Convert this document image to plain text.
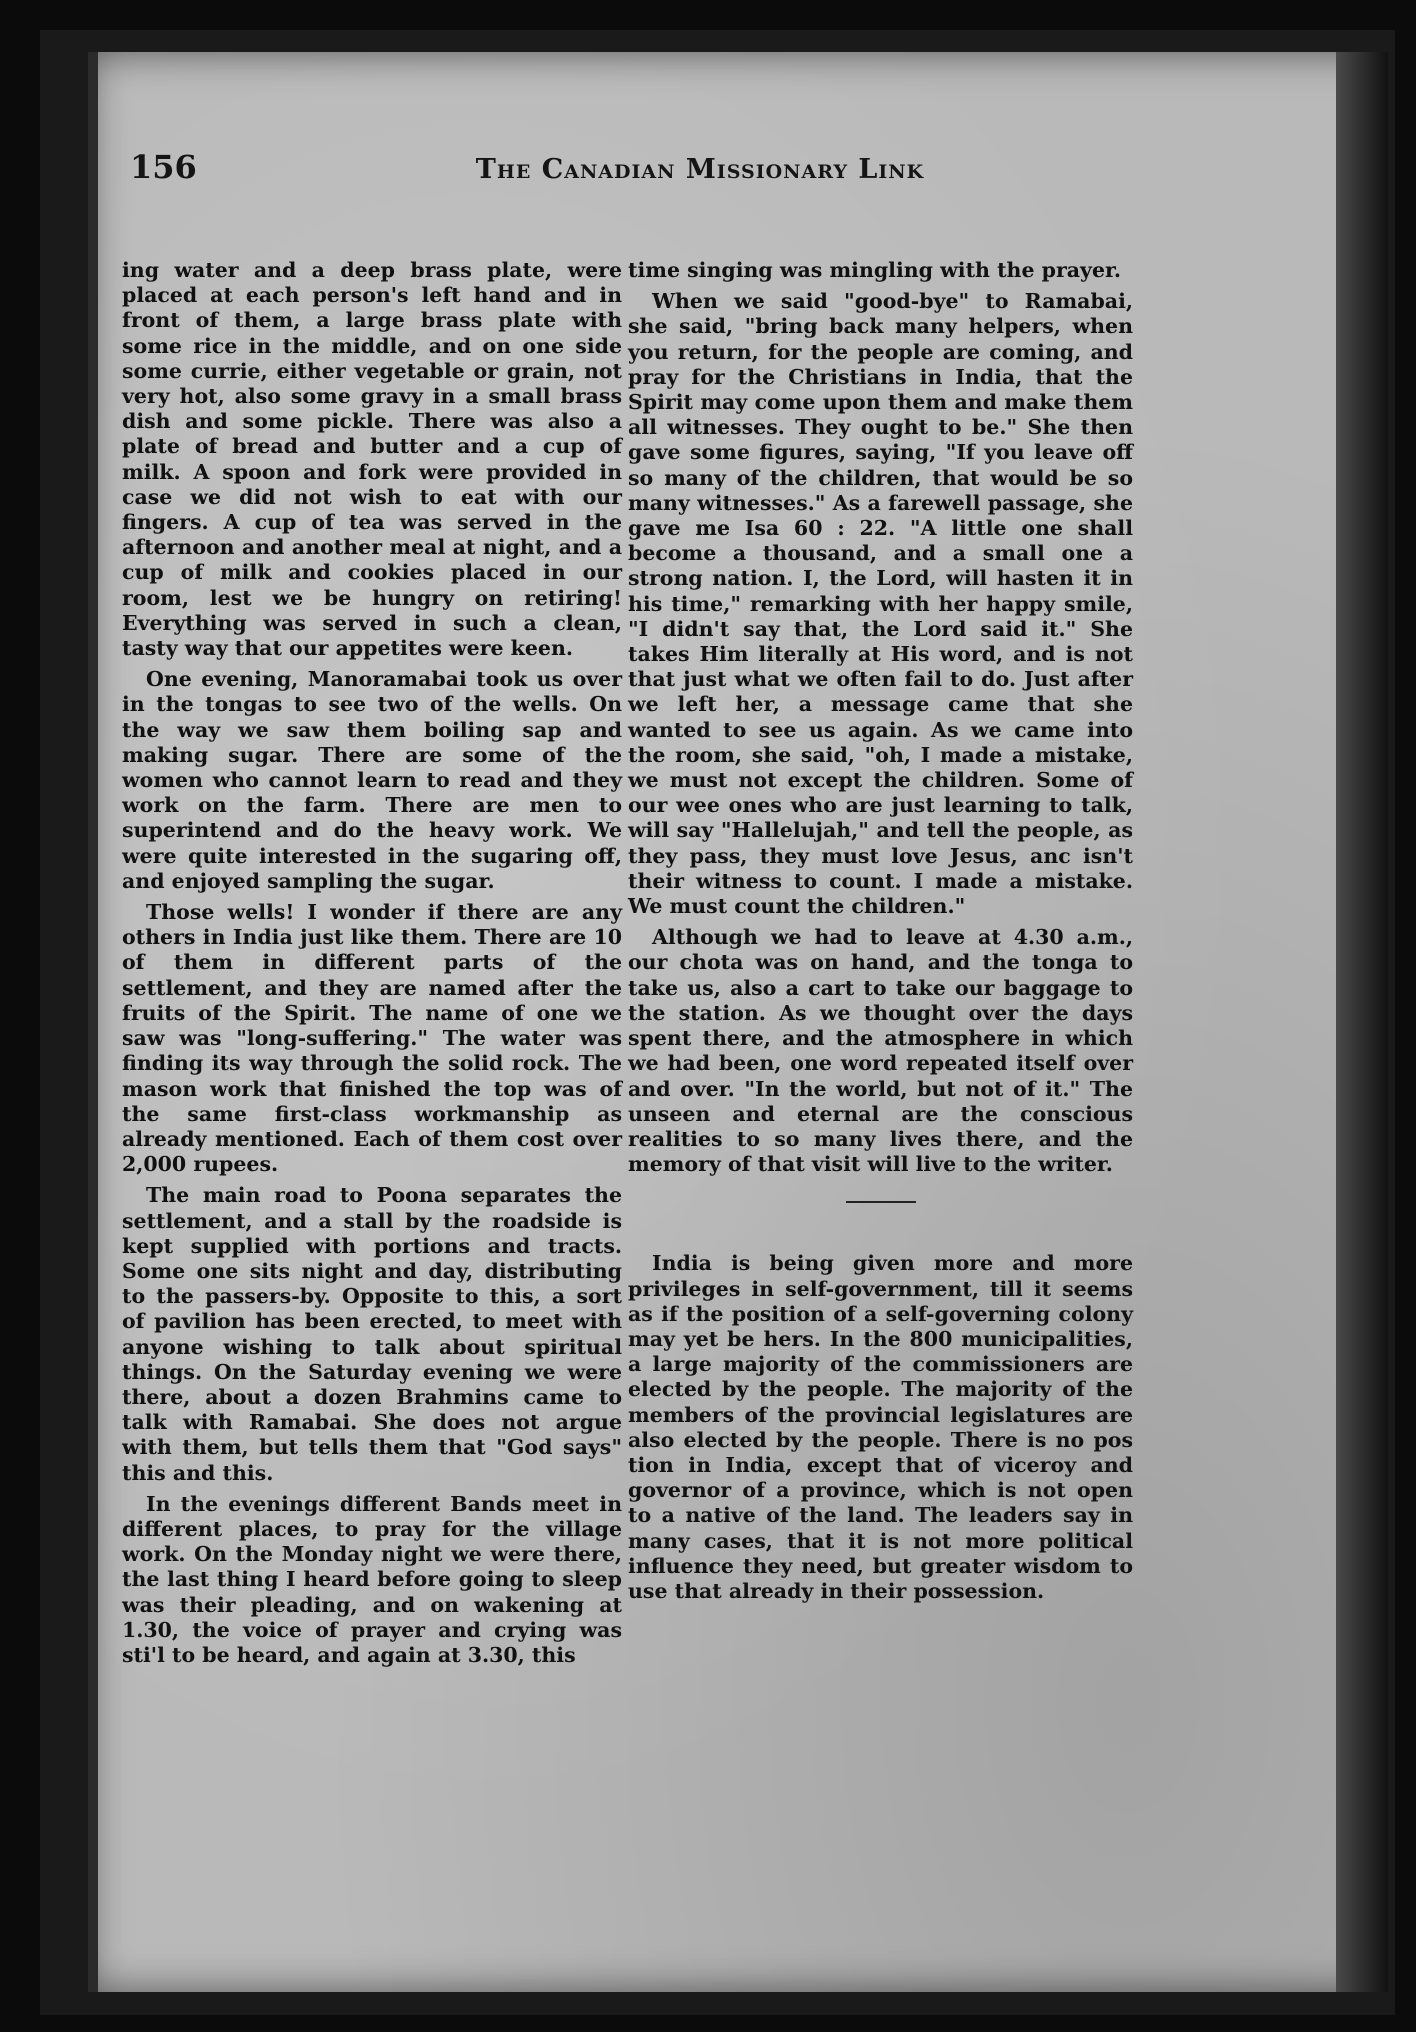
156	The Canadian Missionary Link

ing water and a deep brass plate, were placed at each person's left hand and in front of them, a large brass plate with some rice in the middle, and on one side some currie, either vegetable or grain, not very hot, also some gravy in a small brass dish and some pickle. There was also a plate of bread and butter and a cup of milk. A spoon and fork were provided in case we did not wish to eat with our fingers. A cup of tea was served in the afternoon and another meal at night, and a cup of milk and cookies placed in our room, lest we be hungry on retiring! Everything was served in such a clean, tasty way that our appetites were keen.

One evening, Manoramabai took us over in the tongas to see two of the wells. On the way we saw them boiling sap and making sugar. There are some of the women who cannot learn to read and they work on the farm. There are men to superintend and do the heavy work. We were quite interested in the sugaring off, and enjoyed sampling the sugar.

Those wells! I wonder if there are any others in India just like them. There are 10 of them in different parts of the settlement, and they are named after the fruits of the Spirit. The name of one we saw was "long-suffering." The water was finding its way through the solid rock. The mason work that finished the top was of the same first-class workmanship as already mentioned. Each of them cost over 2,000 rupees.

The main road to Poona separates the settlement, and a stall by the roadside is kept supplied with portions and tracts. Some one sits night and day, distributing to the passers-by. Opposite to this, a sort of pavilion has been erected, to meet with anyone wishing to talk about spiritual things. On the Saturday evening we were there, about a dozen Brahmins came to talk with Ramabai. She does not argue with them, but tells them that "God says" this and this.

In the evenings different Bands meet in different places, to pray for the village work. On the Monday night we were there, the last thing I heard before going to sleep was their pleading, and on wakening at 1.30, the voice of prayer and crying was sti'l to be heard, and again at 3.30, this

time singing was mingling with the prayer.

When we said "good-bye" to Ramabai, she said, "bring back many helpers, when you return, for the people are coming, and pray for the Christians in India, that the Spirit may come upon them and make them all witnesses. They ought to be." She then gave some figures, saying, "If you leave off so many of the children, that would be so many witnesses." As a farewell passage, she gave me Isa 60 : 22. "A little one shall become a thousand, and a small one a strong nation. I, the Lord, will hasten it in his time," remarking with her happy smile, "I didn't say that, the Lord said it." She takes Him literally at His word, and is not that just what we often fail to do. Just after we left her, a message came that she wanted to see us again. As we came into the room, she said, "oh, I made a mistake, we must not except the children. Some of our wee ones who are just learning to talk, will say "Hallelujah," and tell the people, as they pass, they must love Jesus, anc isn't their witness to count. I made a mistake. We must count the children."

Although we had to leave at 4.30 a.m., our chota was on hand, and the tonga to take us, also a cart to take our baggage to the station. As we thought over the days spent there, and the atmosphere in which we had been, one word repeated itself over and over. "In the world, but not of it." The unseen and eternal are the conscious realities to so many lives there, and the memory of that visit will live to the writer.

India is being given more and more privileges in self-government, till it seems as if the position of a self-governing colony may yet be hers. In the 800 municipalities, a large majority of the commissioners are elected by the people. The majority of the members of the provincial legislatures are also elected by the people. There is no pos tion in India, except that of viceroy and governor of a province, which is not open to a native of the land. The leaders say in many cases, that it is not more political influence they need, but greater wisdom to use that already in their possession.
